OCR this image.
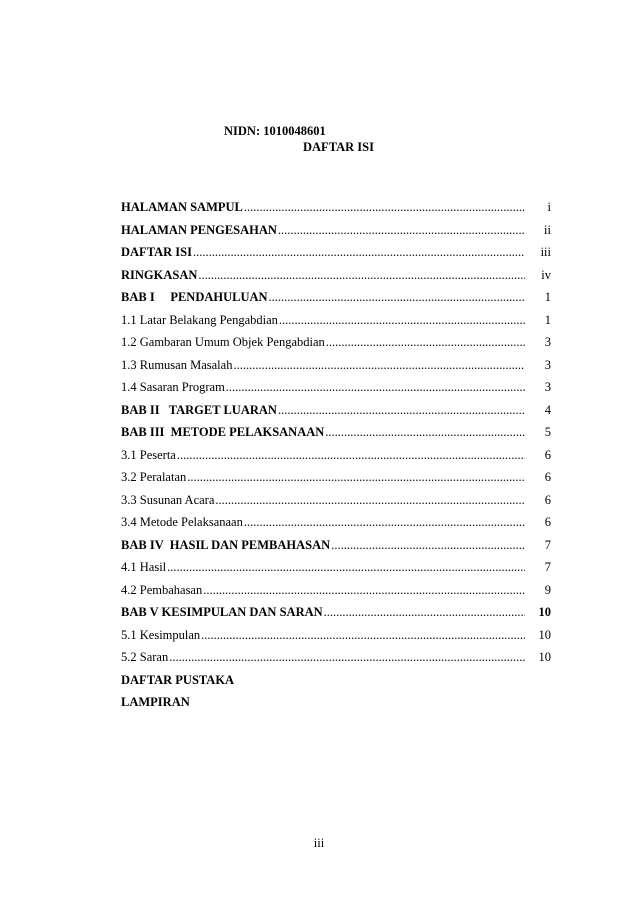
NIDN: 1010048601
DAFTAR ISI
HALAMAN SAMPUL .....	i
HALAMAN PENGESAHAN .....	ii
DAFTAR ISI .....	iii
RINGKASAN .....	iv
BAB I     PENDAHULUAN .....	1
1.1 Latar Belakang Pengabdian .....	1
1.2 Gambaran Umum Objek Pengabdian .....	3
1.3 Rumusan Masalah .....	3
1.4 Sasaran Program .....	3
BAB II   TARGET LUARAN .....	4
BAB III  METODE PELAKSANAAN .....	5
3.1 Peserta .....	6
3.2 Peralatan .....	6
3.3 Susunan Acara .....	6
3.4 Metode Pelaksanaan .....	6
BAB IV  HASIL DAN PEMBAHASAN .....	7
4.1 Hasil .....	7
4.2 Pembahasan .....	9
BAB V KESIMPULAN DAN SARAN .....	10
5.1 Kesimpulan .....	10
5.2 Saran .....	10
DAFTAR PUSTAKA
LAMPIRAN
iii
